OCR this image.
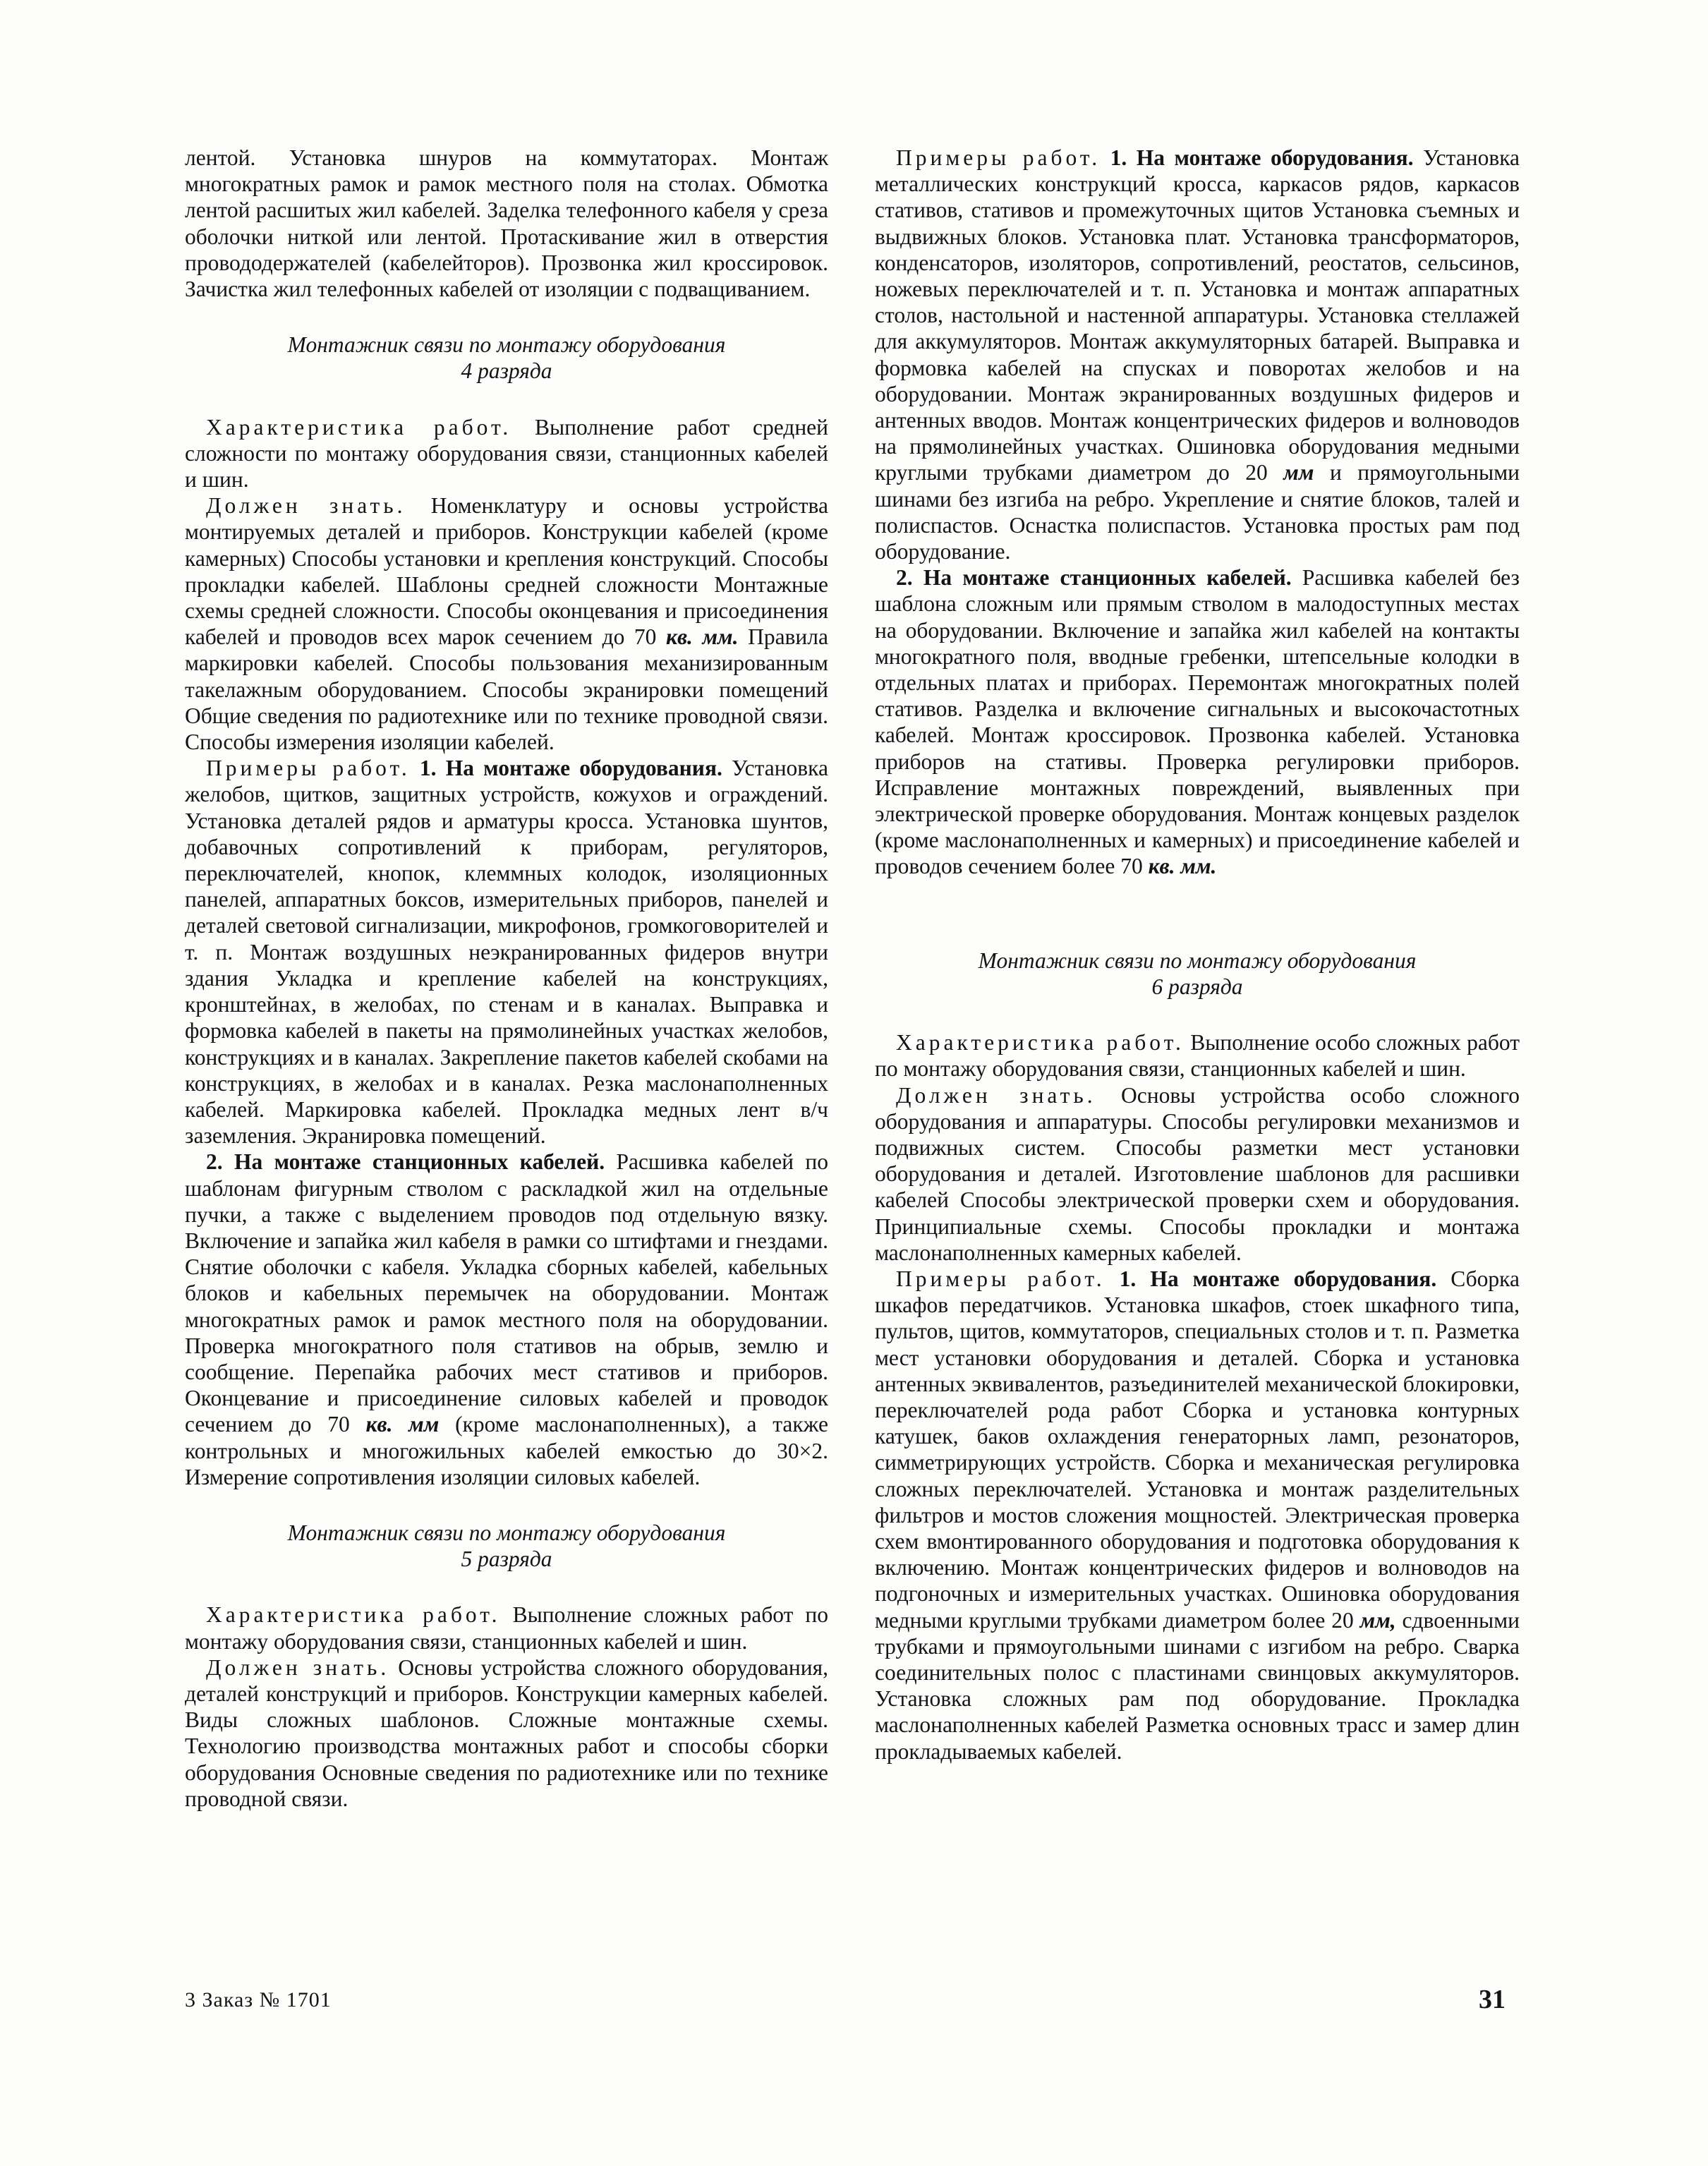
лентой. Установка шнуров на коммутаторах. Монтаж многократных рамок и рамок местного поля на столах. Обмотка лентой расшитых жил кабелей. Заделка телефонного кабеля у среза оболочки ниткой или лентой. Протаскивание жил в отверстия провододержателей (кабелейторов). Прозвонка жил кроссировок. Зачистка жил телефонных кабелей от изоляции с подващиванием.

Монтажник связи по монтажу оборудования
4 разряда

Характеристика работ. Выполнение работ средней сложности по монтажу оборудования связи, станционных кабелей и шин.

Должен знать. Номенклатуру и основы устройства монтируемых деталей и приборов. Конструкции кабелей (кроме камерных) Способы установки и крепления конструкций. Способы прокладки кабелей. Шаблоны средней сложности Монтажные схемы средней сложности. Способы оконцевания и присоединения кабелей и проводов всех марок сечением до 70 кв. мм. Правила маркировки кабелей. Способы пользования механизированным такелажным оборудованием. Способы экранировки помещений Общие сведения по радиотехнике или по технике проводной связи. Способы измерения изоляции кабелей.

Примеры работ. 1. На монтаже оборудования. Установка желобов, щитков, защитных устройств, кожухов и ограждений. Установка деталей рядов и арматуры кросса. Установка шунтов, добавочных сопротивлений к приборам, регуляторов, переключателей, кнопок, клеммных колодок, изоляционных панелей, аппаратных боксов, измерительных приборов, панелей и деталей световой сигнализации, микрофонов, громкоговорителей и т. п. Монтаж воздушных неэкранированных фидеров внутри здания Укладка и крепление кабелей на конструкциях, кронштейнах, в желобах, по стенам и в каналах. Выправка и формовка кабелей в пакеты на прямолинейных участках желобов, конструкциях и в каналах. Закрепление пакетов кабелей скобами на конструкциях, в желобах и в каналах. Резка маслонаполненных кабелей. Маркировка кабелей. Прокладка медных лент в/ч заземления. Экранировка помещений.

2. На монтаже станционных кабелей. Расшивка кабелей по шаблонам фигурным стволом с раскладкой жил на отдельные пучки, а также с выделением проводов под отдельную вязку. Включение и запайка жил кабеля в рамки со штифтами и гнездами. Снятие оболочки с кабеля. Укладка сборных кабелей, кабельных блоков и кабельных перемычек на оборудовании. Монтаж многократных рамок и рамок местного поля на оборудовании. Проверка многократного поля стативов на обрыв, землю и сообщение. Перепайка рабочих мест стативов и приборов. Оконцевание и присоединение силовых кабелей и проводок сечением до 70 кв. мм (кроме маслонаполненных), а также контрольных и многожильных кабелей емкостью до 30×2. Измерение сопротивления изоляции силовых кабелей.

Монтажник связи по монтажу оборудования
5 разряда

Характеристика работ. Выполнение сложных работ по монтажу оборудования связи, станционных кабелей и шин.

Должен знать. Основы устройства сложного оборудования, деталей конструкций и приборов. Конструкции камерных кабелей. Виды сложных шаблонов. Сложные монтажные схемы. Технологию производства монтажных работ и способы сборки оборудования Основные сведения по радиотехнике или по технике проводной связи.

Примеры работ. 1. На монтаже оборудования. Установка металлических конструкций кросса, каркасов рядов, каркасов стативов, стативов и промежуточных щитов Установка съемных и выдвижных блоков. Установка плат. Установка трансформаторов, конденсаторов, изоляторов, сопротивлений, реостатов, сельсинов, ножевых переключателей и т. п. Установка и монтаж аппаратных столов, настольной и настенной аппаратуры. Установка стеллажей для аккумуляторов. Монтаж аккумуляторных батарей. Выправка и формовка кабелей на спусках и поворотах желобов и на оборудовании. Монтаж экранированных воздушных фидеров и антенных вводов. Монтаж концентрических фидеров и волноводов на прямолинейных участках. Ошиновка оборудования медными круглыми трубками диаметром до 20 мм и прямоугольными шинами без изгиба на ребро. Укрепление и снятие блоков, талей и полиспастов. Оснастка полиспастов. Установка простых рам под оборудование.

2. На монтаже станционных кабелей. Расшивка кабелей без шаблона сложным или прямым стволом в малодоступных местах на оборудовании. Включение и запайка жил кабелей на контакты многократного поля, вводные гребенки, штепсельные колодки в отдельных платах и приборах. Перемонтаж многократных полей стативов. Разделка и включение сигнальных и высокочастотных кабелей. Монтаж кроссировок. Прозвонка кабелей. Установка приборов на стативы. Проверка регулировки приборов. Исправление монтажных повреждений, выявленных при электрической проверке оборудования. Монтаж концевых разделок (кроме маслонаполненных и камерных) и присоединение кабелей и проводов сечением более 70 кв. мм.

Монтажник связи по монтажу оборудования
6 разряда

Характеристика работ. Выполнение особо сложных работ по монтажу оборудования связи, станционных кабелей и шин.

Должен знать. Основы устройства особо сложного оборудования и аппаратуры. Способы регулировки механизмов и подвижных систем. Способы разметки мест установки оборудования и деталей. Изготовление шаблонов для расшивки кабелей Способы электрической проверки схем и оборудования. Принципиальные схемы. Способы прокладки и монтажа маслонаполненных камерных кабелей.

Примеры работ. 1. На монтаже оборудования. Сборка шкафов передатчиков. Установка шкафов, стоек шкафного типа, пультов, щитов, коммутаторов, специальных столов и т. п. Разметка мест установки оборудования и деталей. Сборка и установка антенных эквивалентов, разъединителей механической блокировки, переключателей рода работ Сборка и установка контурных катушек, баков охлаждения генераторных ламп, резонаторов, симметрирующих устройств. Сборка и механическая регулировка сложных переключателей. Установка и монтаж разделительных фильтров и мостов сложения мощностей. Электрическая проверка схем вмонтированного оборудования и подготовка оборудования к включению. Монтаж концентрических фидеров и волноводов на подгоночных и измерительных участках. Ошиновка оборудования медными круглыми трубками диаметром более 20 мм, сдвоенными трубками и прямоугольными шинами с изгибом на ребро. Сварка соединительных полос с пластинами свинцовых аккумуляторов. Установка сложных рам под оборудование. Прокладка маслонаполненных кабелей Разметка основных трасс и замер длин прокладываемых кабелей.

3 Заказ № 1701	31
